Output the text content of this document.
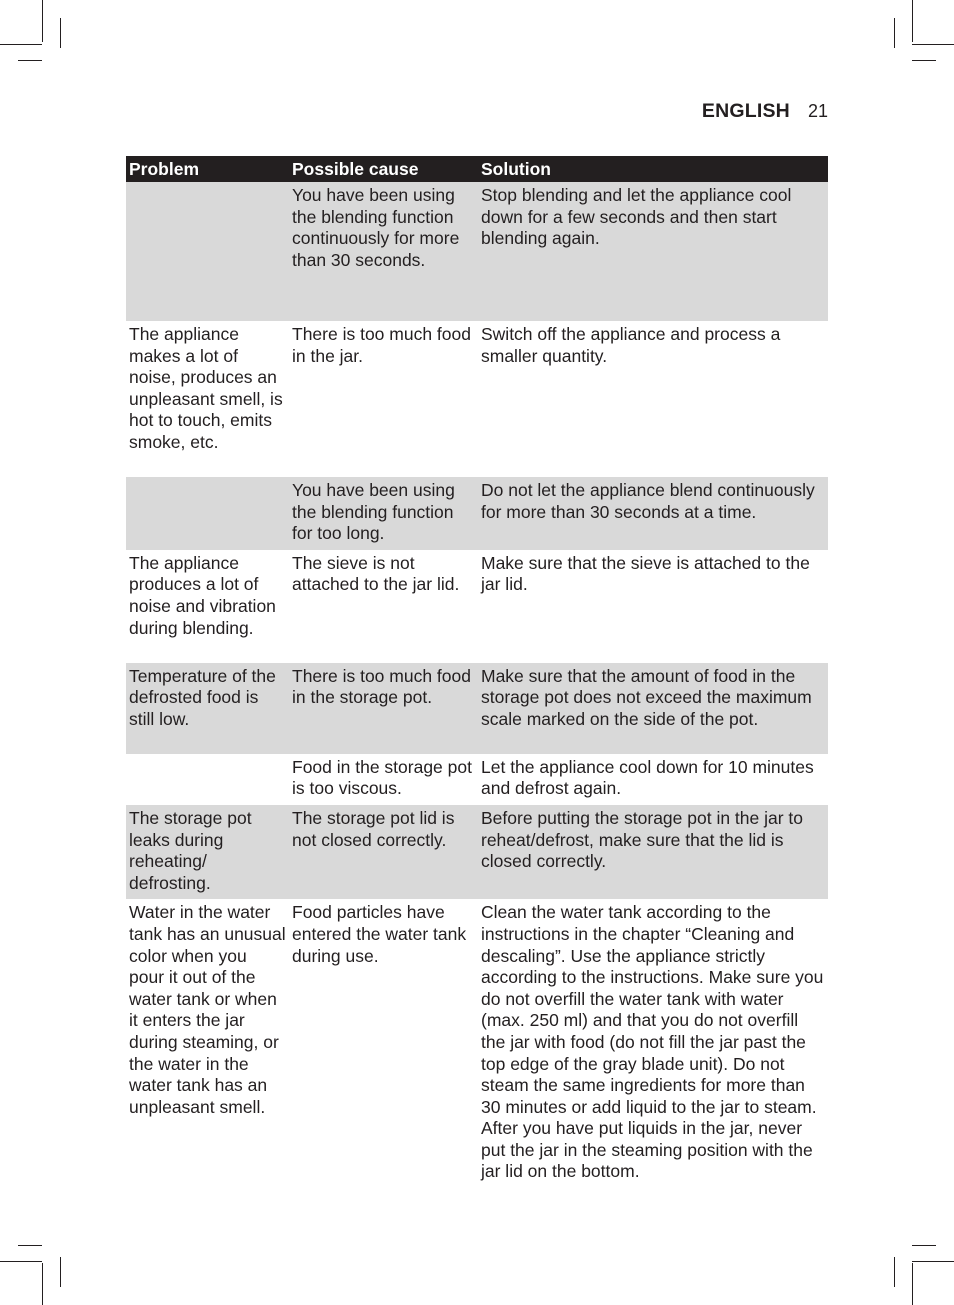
ENGLISH 21
Problem	Possible cause	Solution
	You have been using the blending function continuously for more than 30 seconds.	Stop blending and let the appliance cool down for a few seconds and then start blending again.
The appliance makes a lot of noise, produces an unpleasant smell, is hot to touch, emits smoke, etc.	There is too much food in the jar.	Switch off the appliance and process a smaller quantity.
	You have been using the blending function for too long.	Do not let the appliance blend continuously for more than 30 seconds at a time.
The appliance produces a lot of noise and vibration during blending.	The sieve is not attached to the jar lid.	Make sure that the sieve is attached to the jar lid.
Temperature of the defrosted food is still low.	There is too much food in the storage pot.	Make sure that the amount of food in the storage pot does not exceed the maximum scale marked on the side of the pot.
	Food in the storage pot is too viscous.	Let the appliance cool down for 10 minutes and defrost again.
The storage pot leaks during reheating/ defrosting.	The storage pot lid is not closed correctly.	Before putting the storage pot in the jar to reheat/defrost, make sure that the lid is closed correctly.
Water in the water tank has an unusual color when you pour it out of the water tank or when it enters the jar during steaming, or the water in the water tank has an unpleasant smell.	Food particles have entered the water tank during use.	Clean the water tank according to the instructions in the chapter “Cleaning and descaling”. Use the appliance strictly according to the instructions. Make sure you do not overfill the water tank with water (max. 250 ml) and that you do not overfill the jar with food (do not fill the jar past the top edge of the gray blade unit). Do not steam the same ingredients for more than 30 minutes or add liquid to the jar to steam. After you have put liquids in the jar, never put the jar in the steaming position with the jar lid on the bottom.
